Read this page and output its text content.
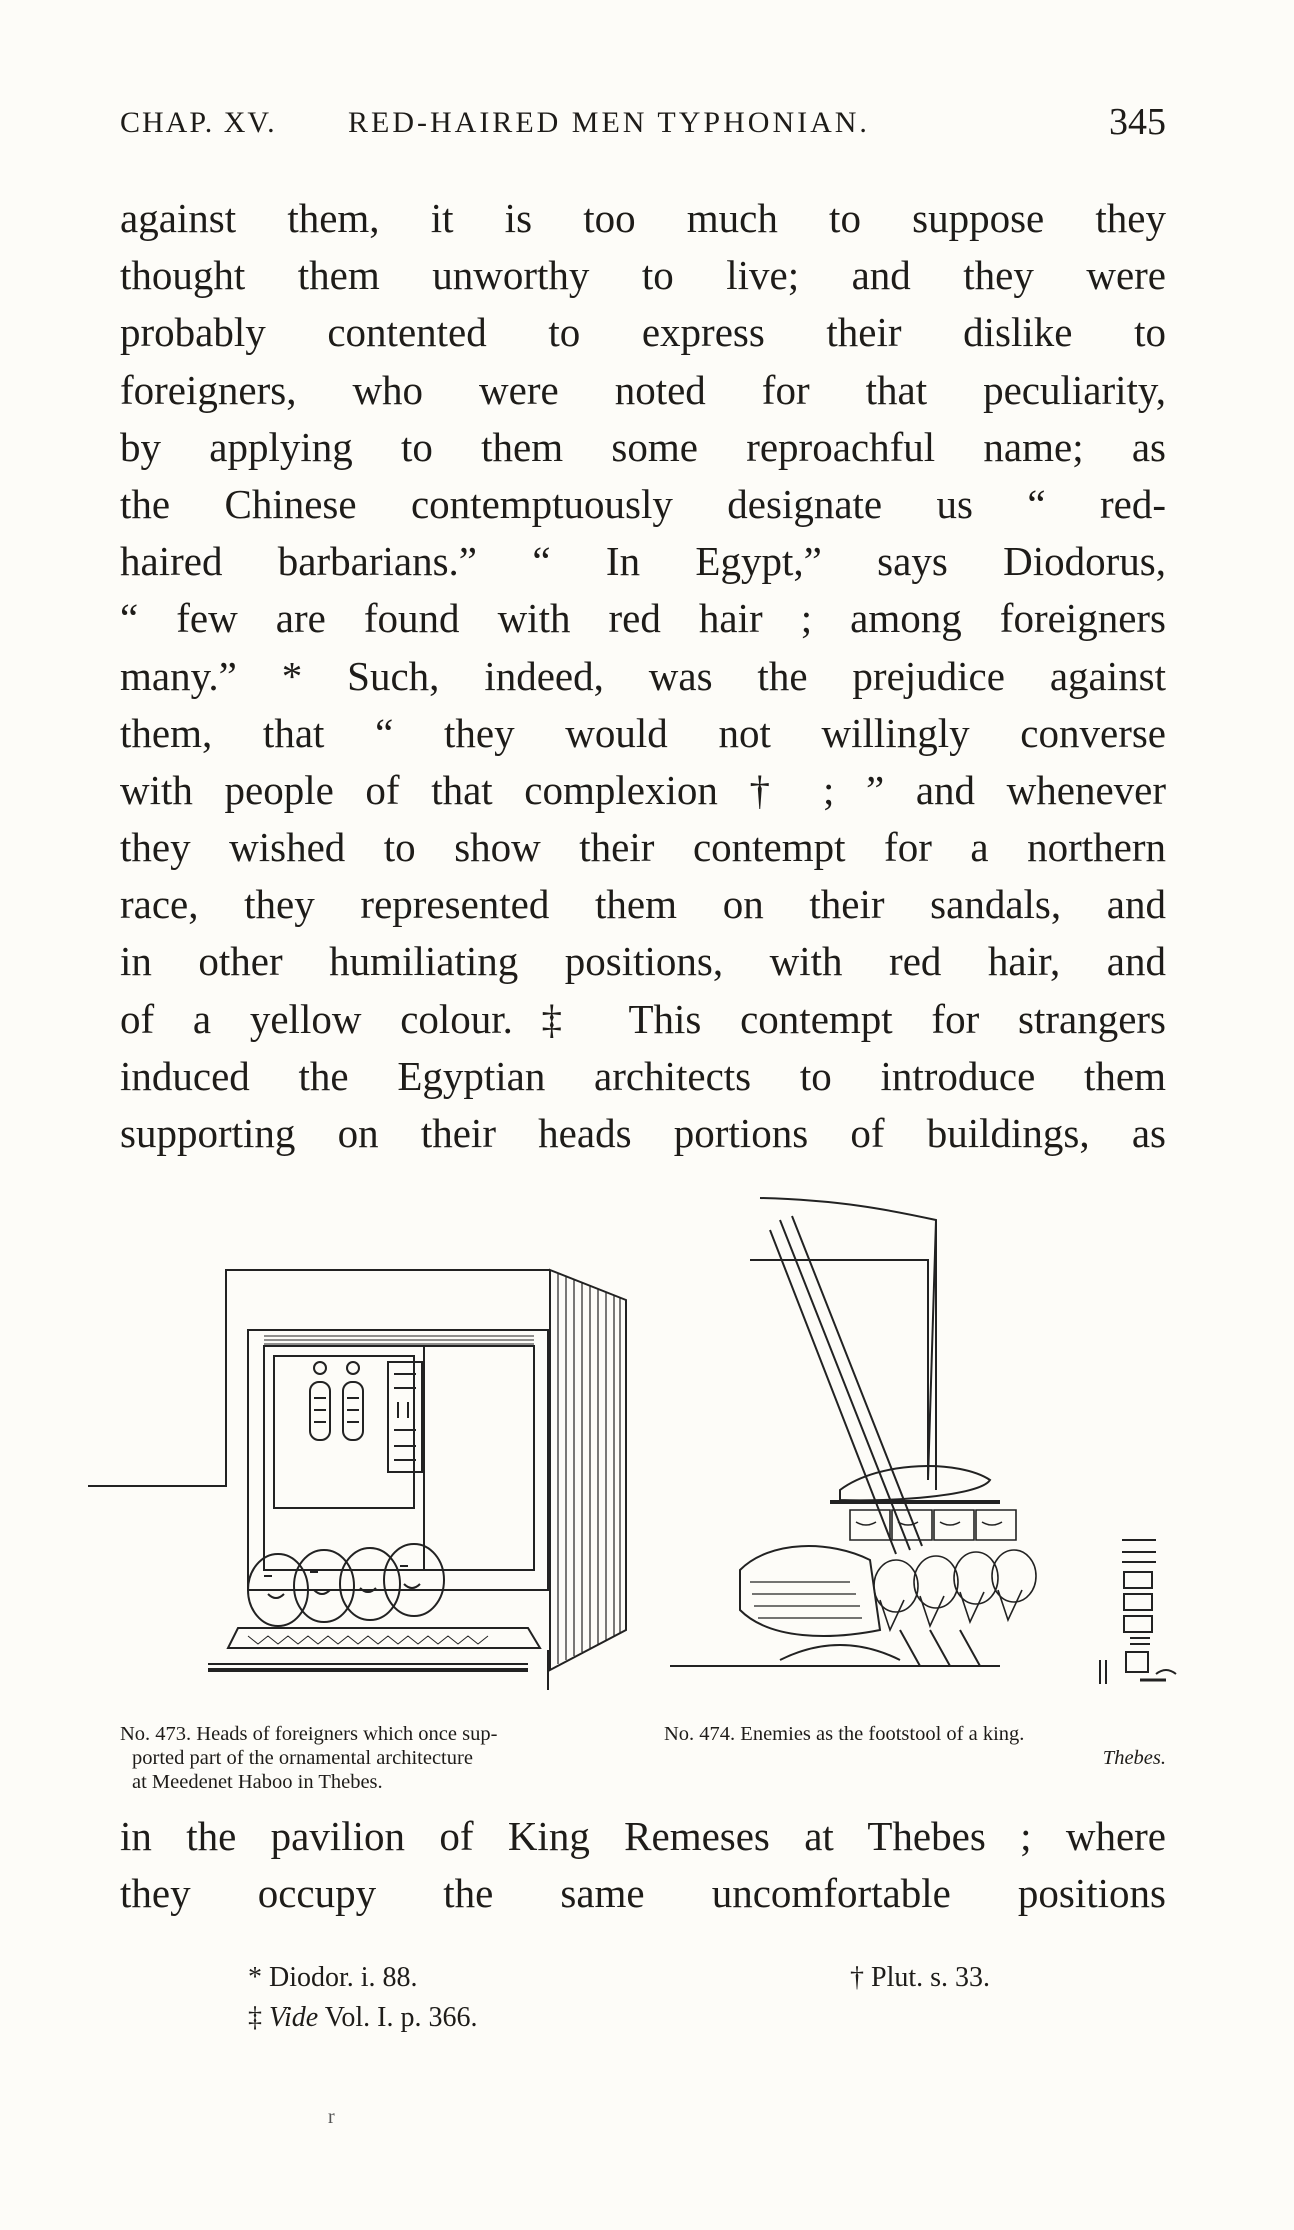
CHAP. XV. RED-HAIRED MEN TYPHONIAN.	345
against them, it is too much to suppose they
thought them unworthy to live; and they were
probably contented to express their dislike to
foreigners, who were noted for that peculiarity,
by applying to them some reproachful name; as
the Chinese contemptuously designate us “ red-
haired barbarians.” “ In Egypt,” says Diodorus,
“ few are found with red hair ; among foreigners
many.” * Such, indeed, was the prejudice against
them, that “ they would not willingly converse
with people of that complexion † ; ” and whenever
they wished to show their contempt for a northern
race, they represented them on their sandals, and
in other humiliating positions, with red hair, and
of a yellow colour.‡ This contempt for strangers
induced the Egyptian architects to introduce them
supporting on their heads portions of buildings, as
No. 473. Heads of foreigners which once sup-
ported part of the ornamental architecture
at Meedenet Haboo in Thebes.
No. 474. Enemies as the footstool of a king.
Thebes.
in the pavilion of King Remeses at Thebes ; where
they occupy the same uncomfortable positions
* Diodor. i. 88.	† Plut. s. 33.
‡ Vide Vol. I. p. 366.
r
